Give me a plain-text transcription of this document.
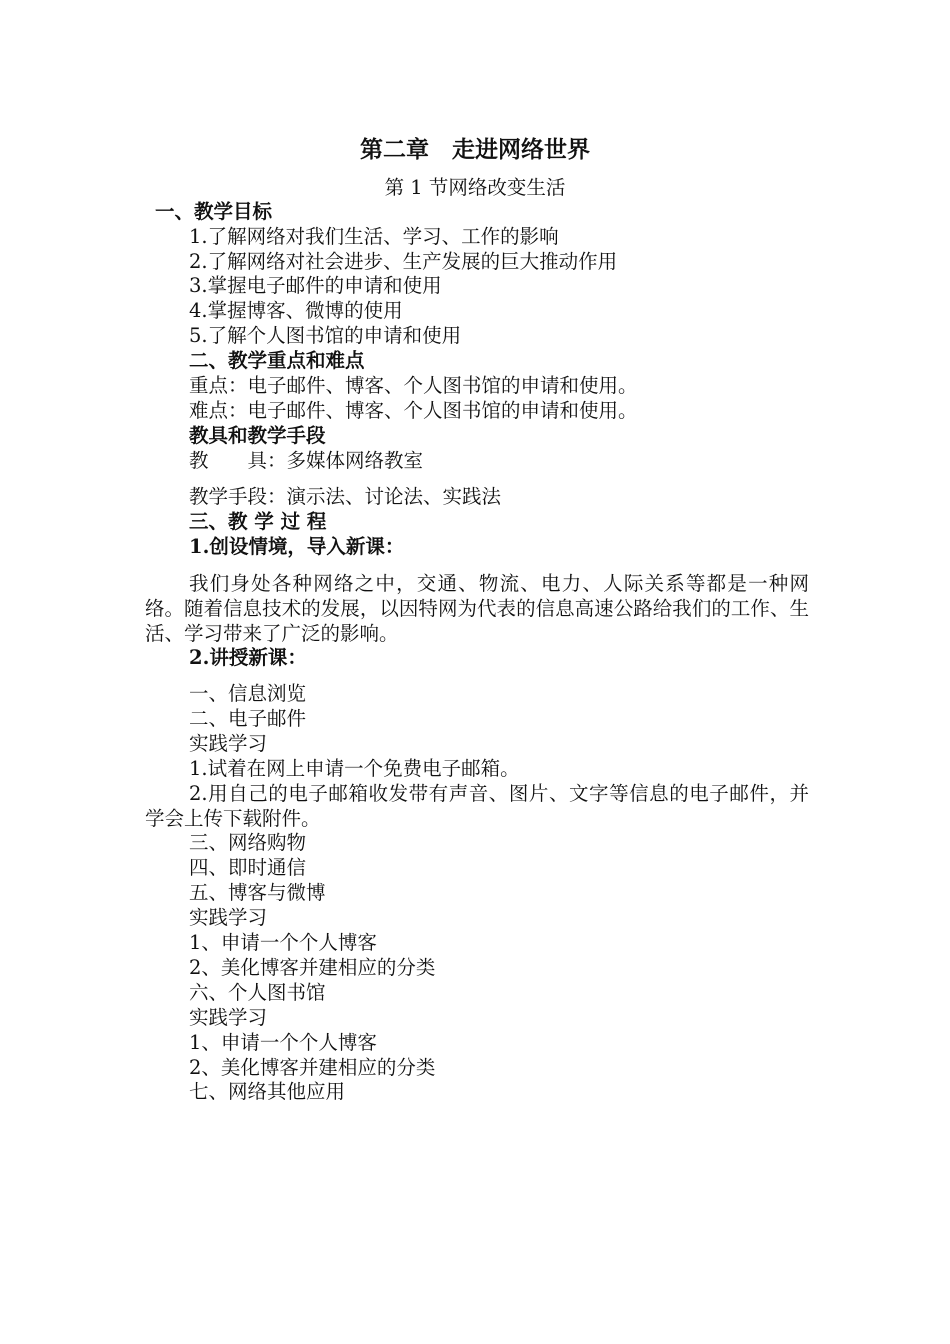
第二章　走进网络世界
第 1 节网络改变生活
一、教学目标
1.了解网络对我们生活、学习、工作的影响
2.了解网络对社会进步、生产发展的巨大推动作用
3.掌握电子邮件的申请和使用
4.掌握博客、微博的使用
5.了解个人图书馆的申请和使用
二、教学重点和难点
重点：电子邮件、博客、个人图书馆的申请和使用。
难点：电子邮件、博客、个人图书馆的申请和使用。
教具和教学手段
教　　具：多媒体网络教室
教学手段：演示法、讨论法、实践法
三、教 学 过 程
1.创设情境，导入新课：
我们身处各种网络之中，交通、物流、电力、人际关系等都是一种网络。随着信息技术的发展，以因特网为代表的信息高速公路给我们的工作、生活、学习带来了广泛的影响。
2.讲授新课：
一、信息浏览
二、电子邮件
实践学习
1.试着在网上申请一个免费电子邮箱。
2.用自己的电子邮箱收发带有声音、图片、文字等信息的电子邮件，并学会上传下载附件。
三、网络购物
四、即时通信
五、博客与微博
实践学习
1、申请一个个人博客
2、美化博客并建相应的分类
六、个人图书馆
实践学习
1、申请一个个人博客
2、美化博客并建相应的分类
七、网络其他应用
